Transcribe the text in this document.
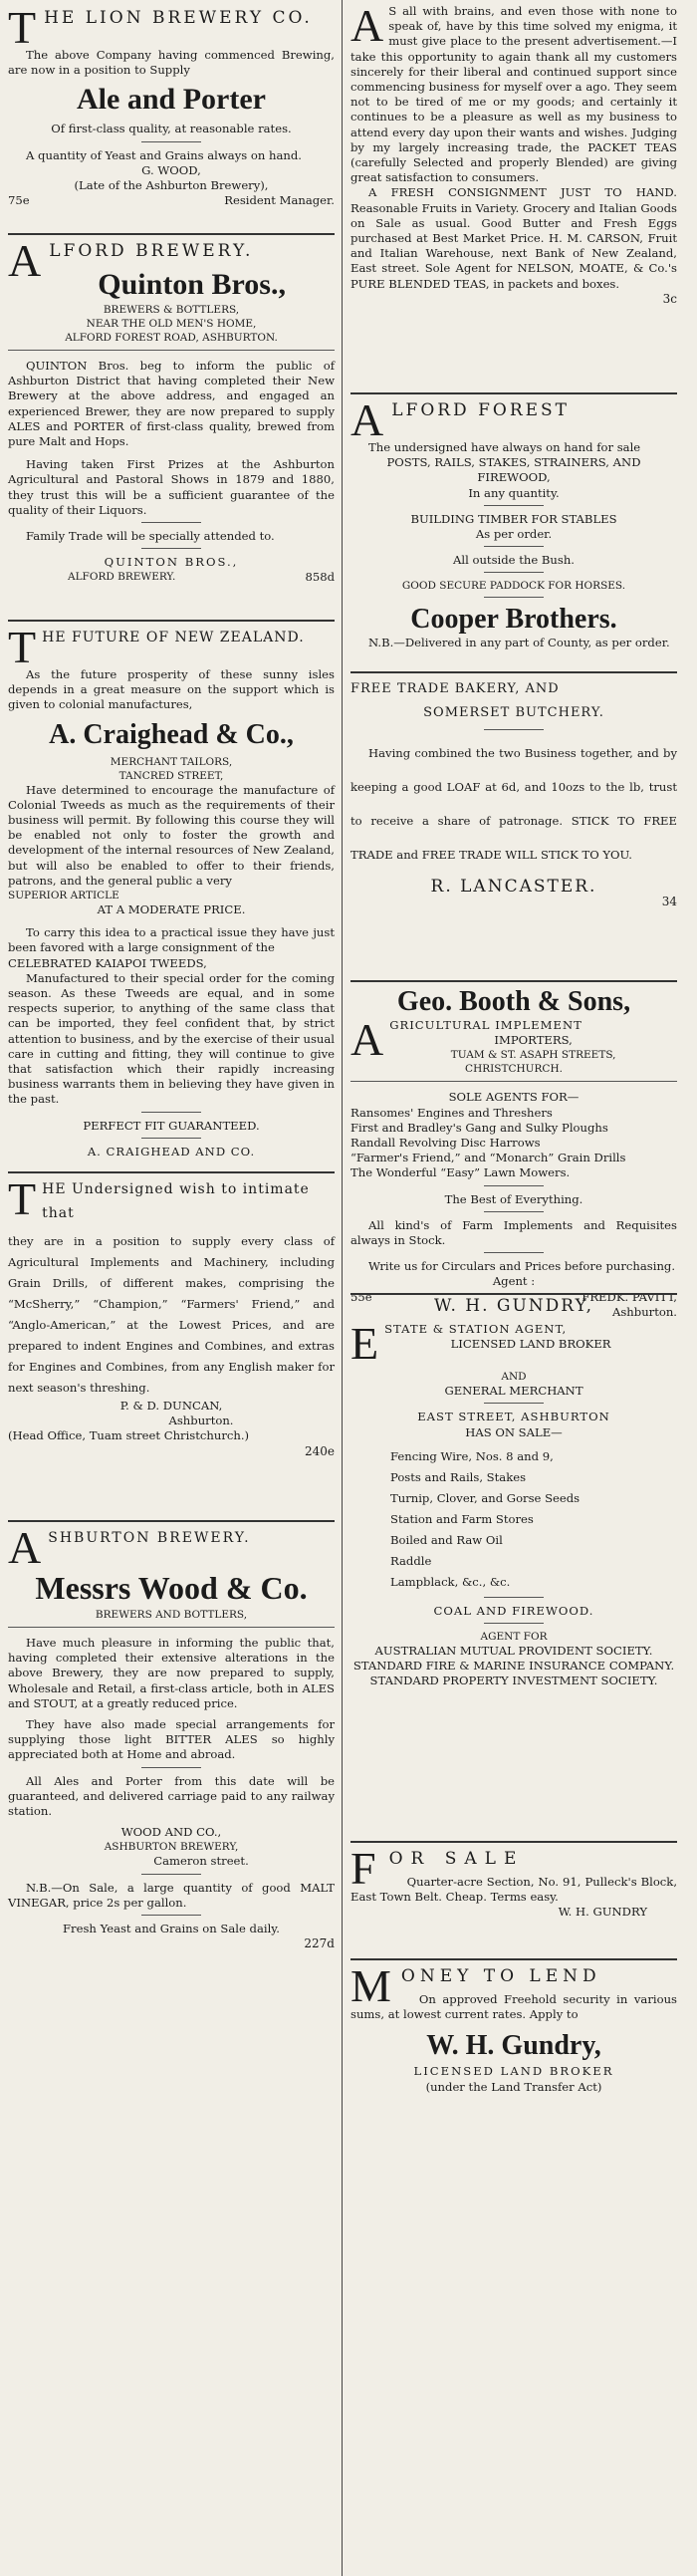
THE LION BREWERY CO.

The above Company having commenced Brewing, are now in a position to Supply

Ale and Porter

Of first-class quality, at reasonable rates.

A quantity of Yeast and Grains always on hand.

G. WOOD,

(Late of the Ashburton Brewery),

75e	Resident Manager.

ALFORD BREWERY.

Quinton Bros.,

BREWERS & BOTTLERS,

NEAR THE OLD MEN'S HOME,

ALFORD FOREST ROAD, ASHBURTON.

QUINTON Bros. beg to inform the public of Ashburton District that having completed their New Brewery at the above address, and engaged an experienced Brewer, they are now prepared to supply ALES and PORTER of first-class quality, brewed from pure Malt and Hops.

Having taken First Prizes at the Ashburton Agricultural and Pastoral Shows in 1879 and 1880, they trust this will be a sufficient guarantee of the quality of their Liquors.

Family Trade will be specially attended to.

QUINTON BROS.,

ALFORD BREWERY.	858d

THE FUTURE OF NEW ZEALAND.

As the future prosperity of these sunny isles depends in a great measure on the support which is given to colonial manufactures,

A. Craighead & Co.,

MERCHANT TAILORS,

TANCRED STREET,

Have determined to encourage the manufacture of Colonial Tweeds as much as the requirements of their business will permit. By following this course they will be enabled not only to foster the growth and development of the internal resources of New Zealand, but will also be enabled to offer to their friends, patrons, and the general public a very

SUPERIOR ARTICLE

AT A MODERATE PRICE.

To carry this idea to a practical issue they have just been favored with a large consignment of the

CELEBRATED KAIAPOI TWEEDS,

Manufactured to their special order for the coming season. As these Tweeds are equal, and in some respects superior, to anything of the same class that can be imported, they feel confident that, by strict attention to business, and by the exercise of their usual care in cutting and fitting, they will continue to give that satisfaction which their rapidly increasing business warrants them in believing they have given in the past.

PERFECT FIT GUARANTEED.

A. CRAIGHEAD AND CO.

THE Undersigned wish to intimate that

they are in a position to supply every class of Agricultural Implements and Machinery, including Grain Drills, of different makes, comprising the “McSherry,” “Champion,” “Farmers' Friend,” and “Anglo-American,” at the Lowest Prices, and are prepared to indent Engines and Combines, and extras for Engines and Combines, from any English maker for next season's threshing.

P. & D. DUNCAN,

Ashburton.

(Head Office, Tuam street Christchurch.)

240e

ASHBURTON BREWERY.

Messrs Wood & Co.

BREWERS AND BOTTLERS,

Have much pleasure in informing the public that, having completed their extensive alterations in the above Brewery, they are now prepared to supply, Wholesale and Retail, a first-class article, both in ALES and STOUT, at a greatly reduced price.

They have also made special arrangements for supplying those light BITTER ALES so highly appreciated both at Home and abroad.

All Ales and Porter from this date will be guaranteed, and delivered carriage paid to any railway station.

WOOD AND CO.,

ASHBURTON BREWERY,

Cameron street.

N.B.—On Sale, a large quantity of good MALT VINEGAR, price 2s per gallon.

Fresh Yeast and Grains on Sale daily.

227d

A S all with brains, and even those with none to speak of, have by this time solved my enigma, it must give place to the present advertisement.—I take this opportunity to again thank all my customers sincerely for their liberal and continued support since commencing business for myself over a ago. They seem not to be tired of me or my goods; and certainly it continues to be a pleasure as well as my business to attend every day upon their wants and wishes. Judging by my largely increasing trade, the PACKET TEAS (carefully Selected and properly Blended) are giving great satisfaction to consumers.

A FRESH CONSIGNMENT JUST TO HAND. Reasonable Fruits in Variety. Grocery and Italian Goods on Sale as usual. Good Butter and Fresh Eggs purchased at Best Market Price. H. M. CARSON, Fruit and Italian Warehouse, next Bank of New Zealand, East street. Sole Agent for NELSON, MOATE, & Co.'s PURE BLENDED TEAS, in packets and boxes.

3c

ALFORD FOREST

The undersigned have always on hand for sale

POSTS, RAILS, STAKES, STRAINERS, AND FIREWOOD,

In any quantity.

BUILDING TIMBER FOR STABLES

As per order.

All outside the Bush.

GOOD SECURE PADDOCK FOR HORSES.

Cooper Brothers.

N.B.—Delivered in any part of County, as per order.

FREE TRADE BAKERY, AND

SOMERSET BUTCHERY.

Having combined the two Business together, and by keeping a good LOAF at 6d, and 10ozs to the lb, trust to receive a share of patronage. STICK TO FREE TRADE and FREE TRADE WILL STICK TO YOU.

R. LANCASTER.

34

Geo. Booth & Sons,

AGRICULTURAL IMPLEMENT

IMPORTERS,

TUAM & ST. ASAPH STREETS,

CHRISTCHURCH.

SOLE AGENTS FOR—

Ransomes' Engines and Threshers

First and Bradley's Gang and Sulky Ploughs

Randall Revolving Disc Harrows

“Farmer's Friend,” and “Monarch” Grain Drills

The Wonderful “Easy” Lawn Mowers.

The Best of Everything.

All kind's of Farm Implements and Requisites always in Stock.

Write us for Circulars and Prices before purchasing.

Agent :

55e	FREDK. PAVITT,

Ashburton.

W. H. GUNDRY,

ESTATE & STATION AGENT,

LICENSED LAND BROKER

AND

GENERAL MERCHANT

EAST STREET, ASHBURTON

HAS ON SALE—

Fencing Wire, Nos. 8 and 9,

Posts and Rails, Stakes

Turnip, Clover, and Gorse Seeds

Station and Farm Stores

Boiled and Raw Oil

Raddle

Lampblack, &c., &c.

COAL AND FIREWOOD.

AGENT FOR

AUSTRALIAN MUTUAL PROVIDENT SOCIETY.

STANDARD FIRE & MARINE INSURANCE COMPANY.

STANDARD PROPERTY INVESTMENT SOCIETY.

FOR SALE

Quarter-acre Section, No. 91, Pulleck's Block, East Town Belt. Cheap. Terms easy.

W. H. GUNDRY

MONEY TO LEND

On approved Freehold security in various sums, at lowest current rates. Apply to

W. H. Gundry,

LICENSED LAND BROKER

(under the Land Transfer Act)
